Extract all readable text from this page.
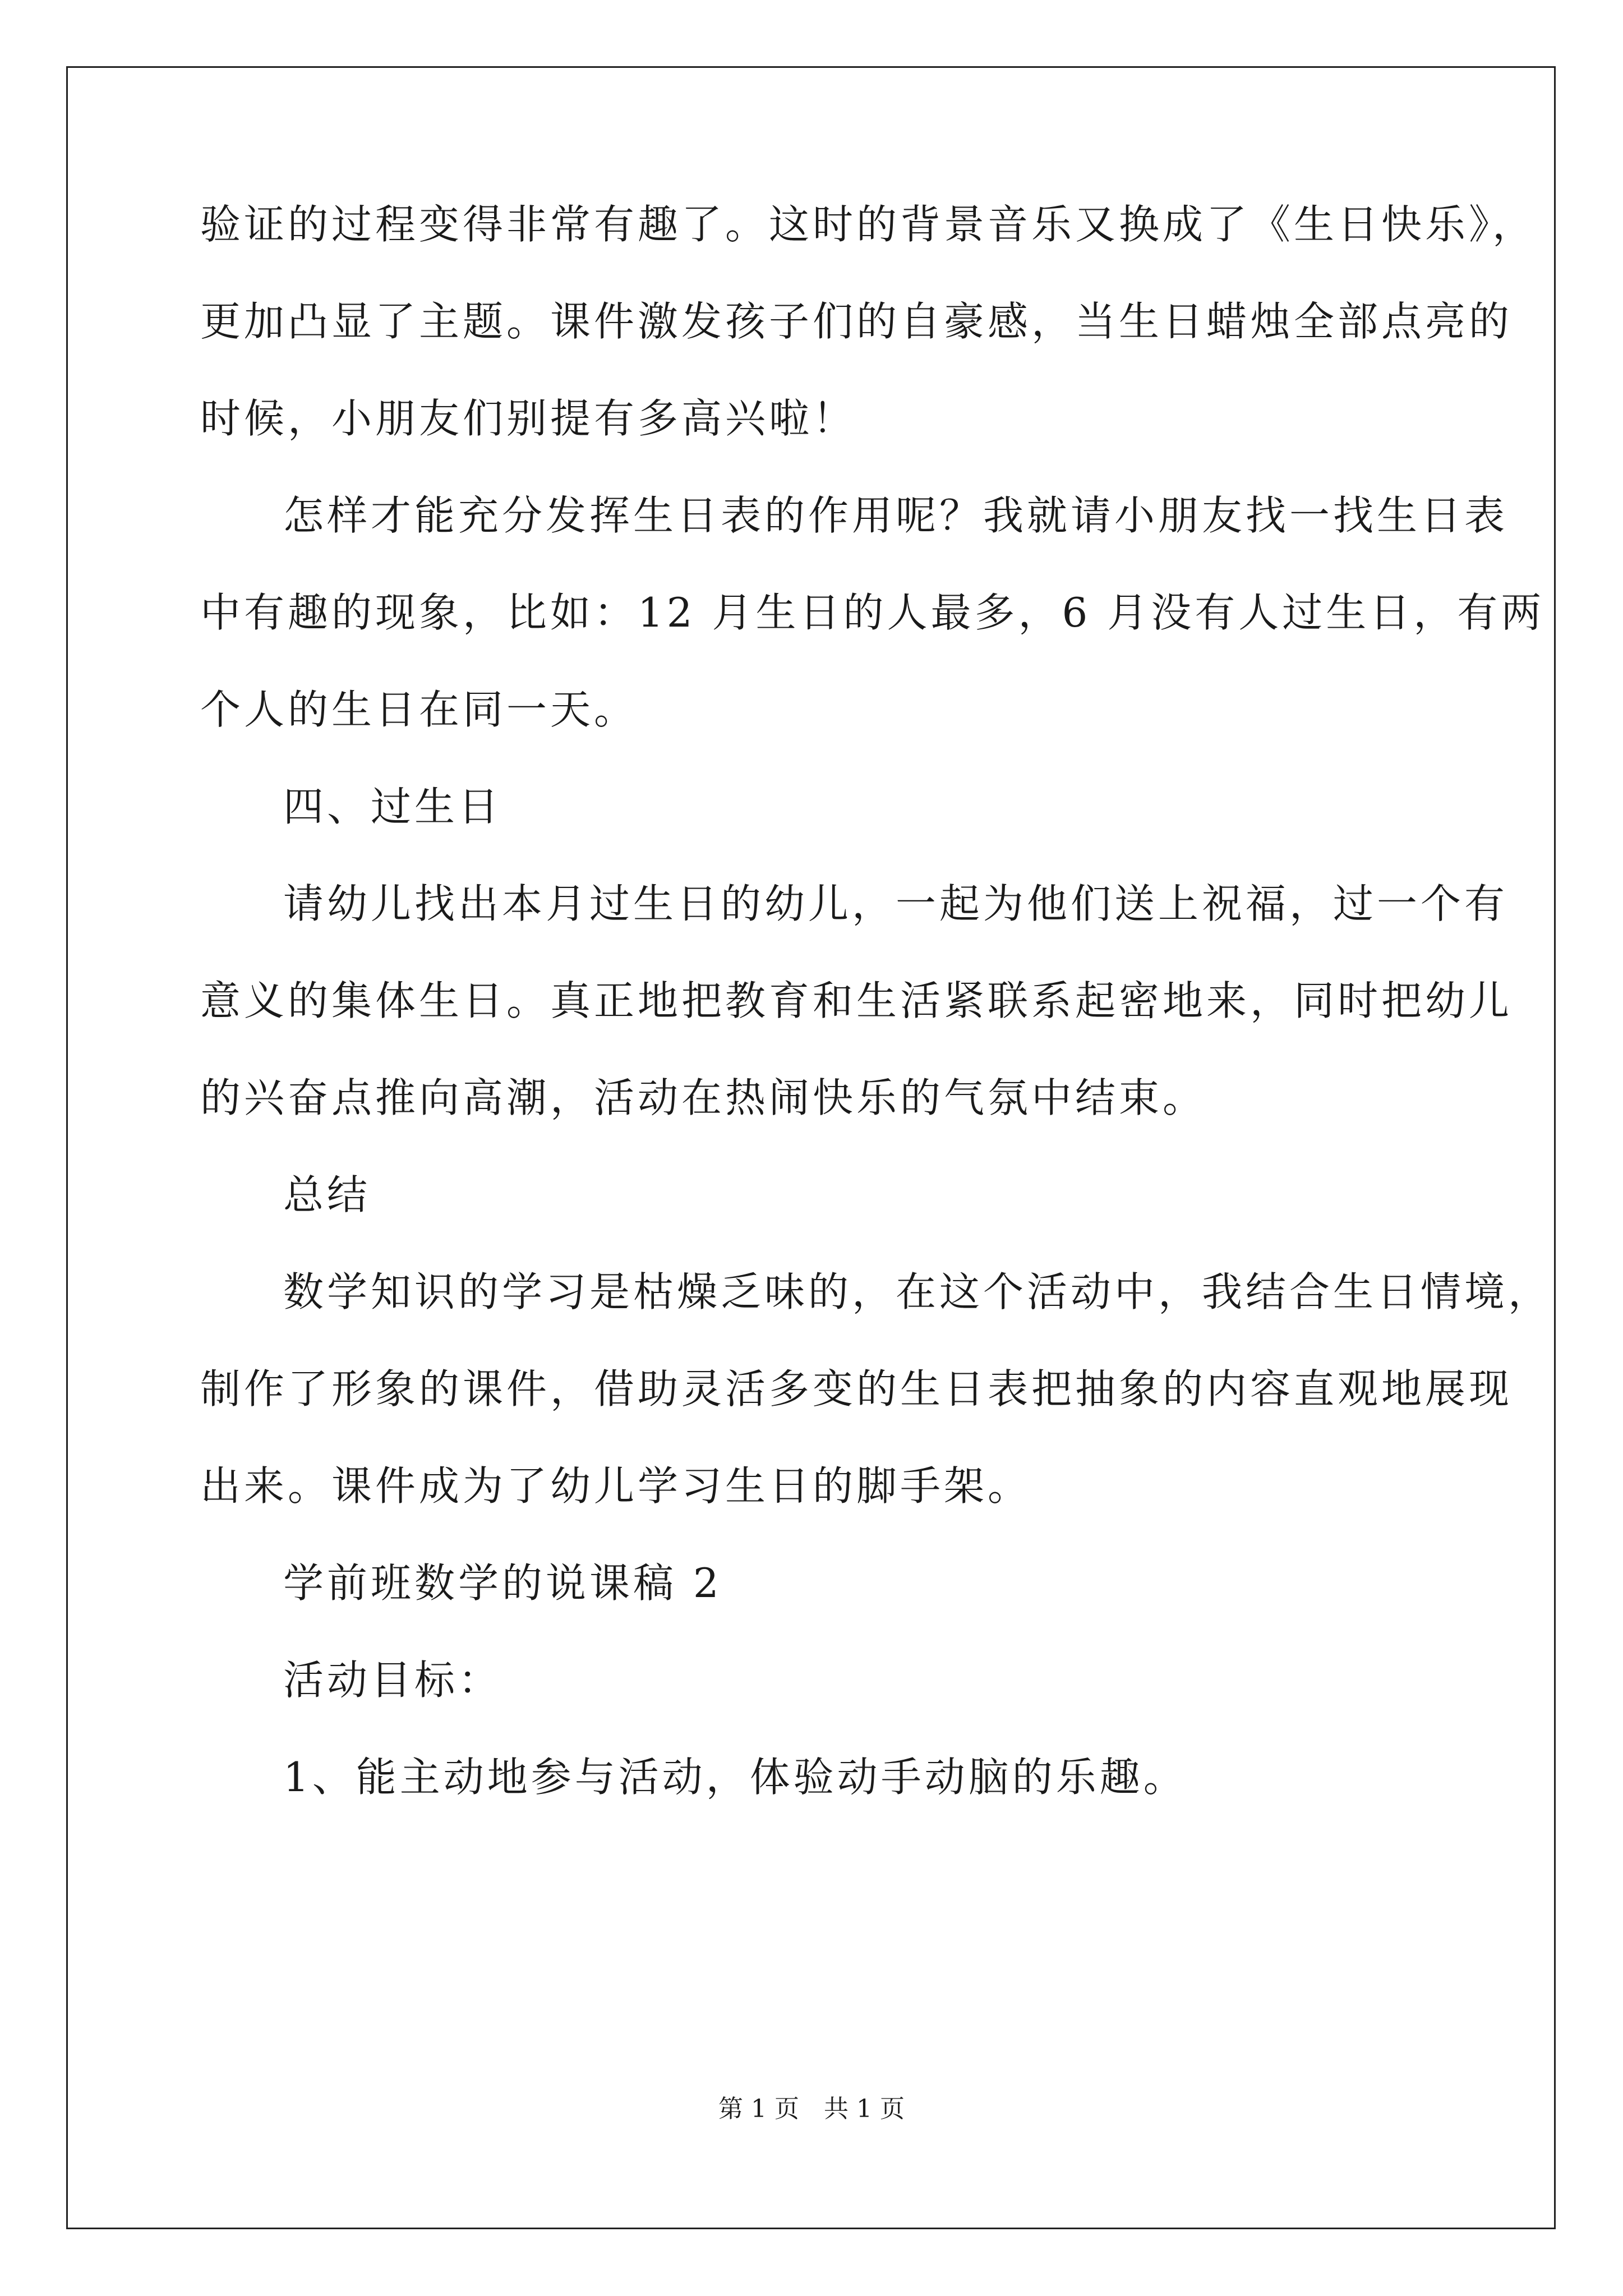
验证的过程变得非常有趣了。这时的背景音乐又换成了《生日快乐》，
更加凸显了主题。课件激发孩子们的自豪感，当生日蜡烛全部点亮的
时候，小朋友们别提有多高兴啦！
怎样才能充分发挥生日表的作用呢？我就请小朋友找一找生日表
中有趣的现象，比如：12 月生日的人最多，6 月没有人过生日，有两
个人的生日在同一天。
四、过生日
请幼儿找出本月过生日的幼儿，一起为他们送上祝福，过一个有
意义的集体生日。真正地把教育和生活紧联系起密地来，同时把幼儿
的兴奋点推向高潮，活动在热闹快乐的气氛中结束。
总结
数学知识的学习是枯燥乏味的，在这个活动中，我结合生日情境，
制作了形象的课件，借助灵活多变的生日表把抽象的内容直观地展现
出来。课件成为了幼儿学习生日的脚手架。
学前班数学的说课稿 2
活动目标：
1、能主动地参与活动，体验动手动脑的乐趣。
第 1 页　共 1 页
